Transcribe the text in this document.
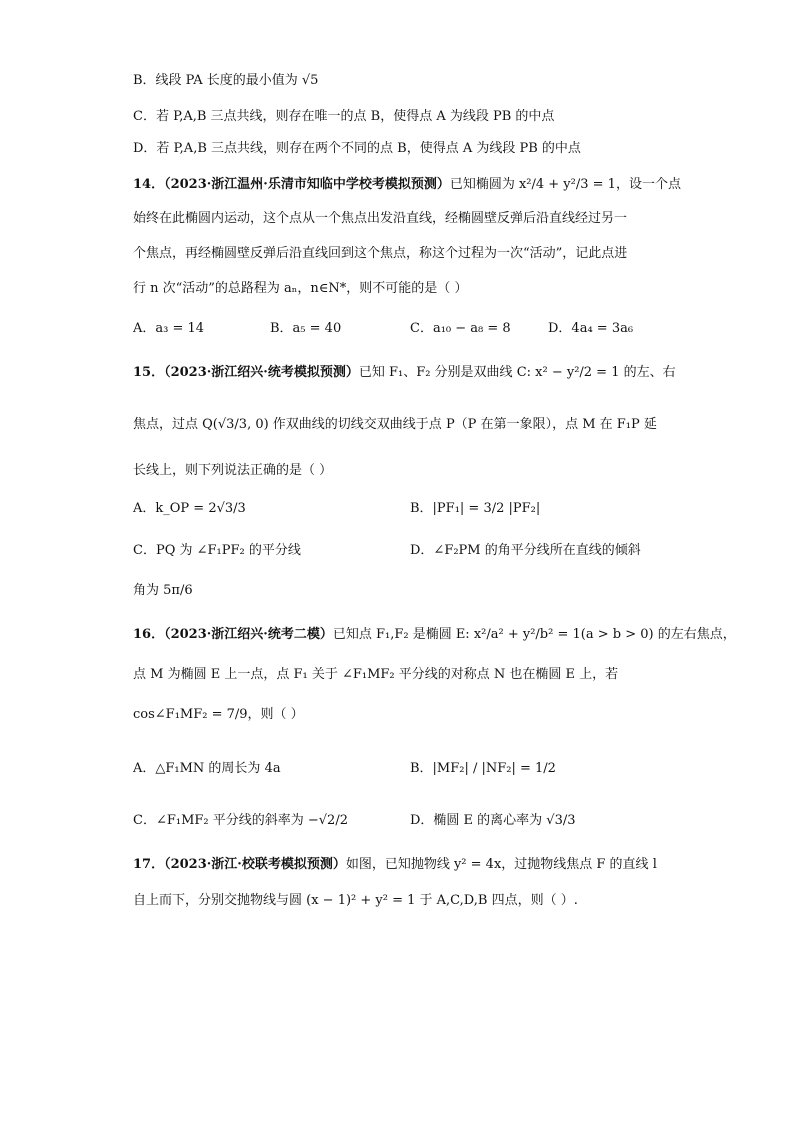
B．线段 PA 长度的最小值为 √5
C．若 P,A,B 三点共线，则存在唯一的点 B，使得点 A 为线段 PB 的中点
D．若 P,A,B 三点共线，则存在两个不同的点 B，使得点 A 为线段 PB 的中点
14．（2023·浙江温州·乐清市知临中学校考模拟预测）已知椭圆为 x²/4 + y²/3 = 1，设一个点
始终在此椭圆内运动，这个点从一个焦点出发沿直线，经椭圆壁反弹后沿直线经过另一
个焦点，再经椭圆壁反弹后沿直线回到这个焦点，称这个过程为一次“活动”，记此点进
行 n 次“活动”的总路程为 aₙ，n∈N*，则不可能的是（ ）
A．a₃ = 14	B．a₅ = 40	C．a₁₀ − a₈ = 8	D．4a₄ = 3a₆
15．（2023·浙江绍兴·统考模拟预测）已知 F₁、F₂ 分别是双曲线 C: x² − y²/2 = 1 的左、右
焦点，过点 Q(√3/3, 0) 作双曲线的切线交双曲线于点 P（P 在第一象限），点 M 在 F₁P 延
长线上，则下列说法正确的是（ ）
A．k_OP = 2√3/3	B．|PF₁| = 3/2 |PF₂|
C．PQ 为 ∠F₁PF₂ 的平分线	D．∠F₂PM 的角平分线所在直线的倾斜
角为 5π/6
16．（2023·浙江绍兴·统考二模）已知点 F₁,F₂ 是椭圆 E: x²/a² + y²/b² = 1(a > b > 0) 的左右焦点，
点 M 为椭圆 E 上一点，点 F₁ 关于 ∠F₁MF₂ 平分线的对称点 N 也在椭圆 E 上，若
cos∠F₁MF₂ = 7/9，则（ ）
A．△F₁MN 的周长为 4a	B．|MF₂| / |NF₂| = 1/2
C．∠F₁MF₂ 平分线的斜率为 −√2/2	D．椭圆 E 的离心率为 √3/3
17．（2023·浙江·校联考模拟预测）如图，已知抛物线 y² = 4x，过抛物线焦点 F 的直线 l
自上而下，分别交抛物线与圆 (x − 1)² + y² = 1 于 A,C,D,B 四点，则（ ）.
